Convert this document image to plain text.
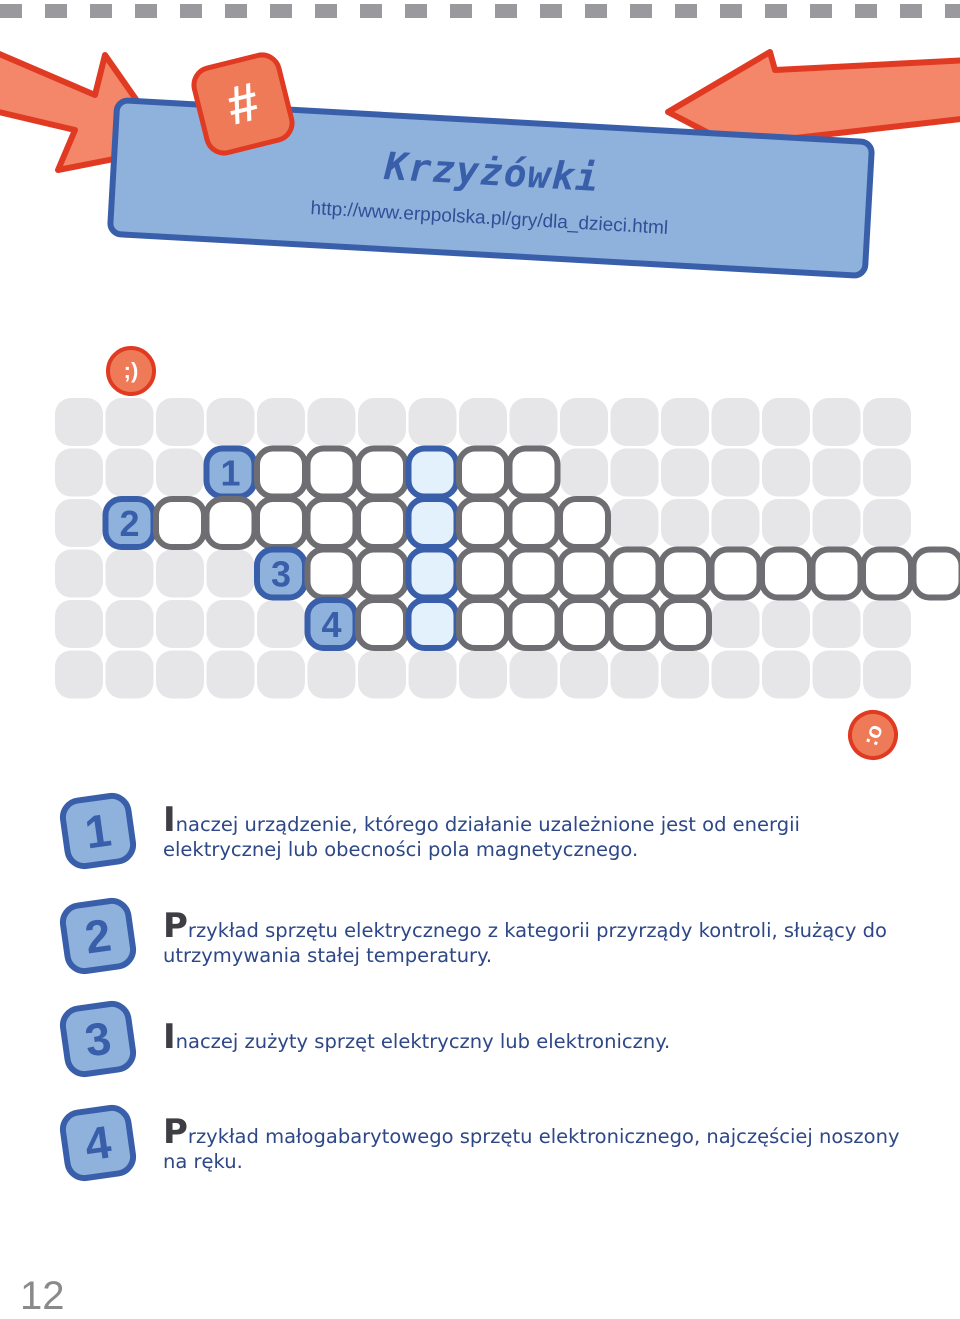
Krzyżówki
http://www.erppolska.pl/gry/dla_dzieci.html
#
;)
1
2
3
4
:o
1	Inaczej urządzenie, którego działanie uzależnione jest od energii elektrycznej lub obecności pola magnetycznego.
2	Przykład sprzętu elektrycznego z kategorii przyrządy kontroli, służący do utrzymywania stałej temperatury.
3	Inaczej zużyty sprzęt elektryczny lub elektroniczny.
4	Przykład małogabarytowego sprzętu elektronicznego, najczęściej noszony na ręku.
12
